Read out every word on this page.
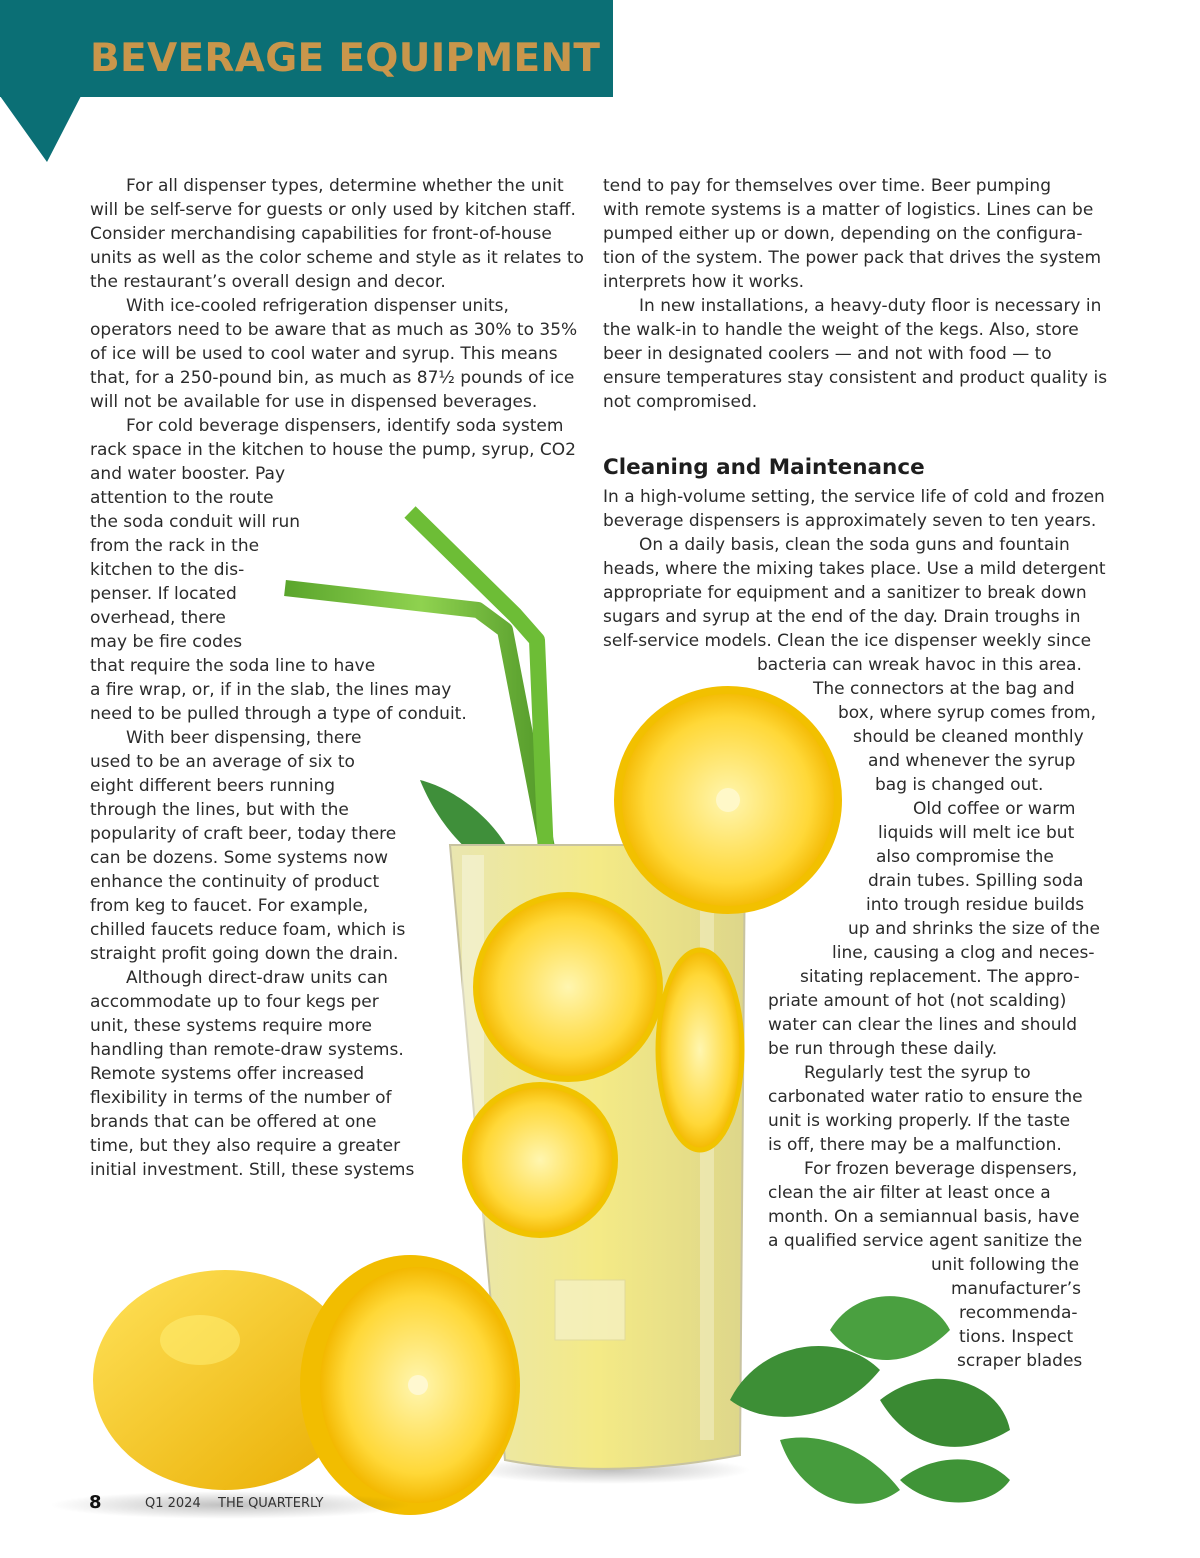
BEVERAGE EQUIPMENT

For all dispenser types, determine whether the unit

will be self-serve for guests or only used by kitchen staff.

Consider merchandising capabilities for front-of-house

units as well as the color scheme and style as it relates to

the restaurant’s overall design and decor.

With ice-cooled refrigeration dispenser units,

operators need to be aware that as much as 30% to 35%

of ice will be used to cool water and syrup. This means

that, for a 250-pound bin, as much as 87½ pounds of ice

will not be available for use in dispensed beverages.

For cold beverage dispensers, identify soda system

rack space in the kitchen to house the pump, syrup, CO2

and water booster. Pay

attention to the route

the soda conduit will run

from the rack in the

kitchen to the dis-

penser. If located

overhead, there

may be fire codes

that require the soda line to have

a fire wrap, or, if in the slab, the lines may

need to be pulled through a type of conduit.

With beer dispensing, there

used to be an average of six to

eight different beers running

through the lines, but with the

popularity of craft beer, today there

can be dozens. Some systems now

enhance the continuity of product

from keg to faucet. For example,

chilled faucets reduce foam, which is

straight profit going down the drain.

Although direct-draw units can

accommodate up to four kegs per

unit, these systems require more

handling than remote-draw systems.

Remote systems offer increased

flexibility in terms of the number of

brands that can be offered at one

time, but they also require a greater

initial investment. Still, these systems

tend to pay for themselves over time. Beer pumping

with remote systems is a matter of logistics. Lines can be

pumped either up or down, depending on the configura-

tion of the system. The power pack that drives the system

interprets how it works.

In new installations, a heavy-duty floor is necessary in

the walk-in to handle the weight of the kegs. Also, store

beer in designated coolers — and not with food — to

ensure temperatures stay consistent and product quality is

not compromised.

Cleaning and Maintenance

In a high-volume setting, the service life of cold and frozen

beverage dispensers is approximately seven to ten years.

On a daily basis, clean the soda guns and fountain

heads, where the mixing takes place. Use a mild detergent

appropriate for equipment and a sanitizer to break down

sugars and syrup at the end of the day. Drain troughs in

self-service models. Clean the ice dispenser weekly since

bacteria can wreak havoc in this area.

The connectors at the bag and

box, where syrup comes from,

should be cleaned monthly

and whenever the syrup

bag is changed out.

Old coffee or warm

liquids will melt ice but

also compromise the

drain tubes. Spilling soda

into trough residue builds

up and shrinks the size of the

line, causing a clog and neces-

sitating replacement. The appro-

priate amount of hot (not scalding)

water can clear the lines and should

be run through these daily.

Regularly test the syrup to

carbonated water ratio to ensure the

unit is working properly. If the taste

is off, there may be a malfunction.

For frozen beverage dispensers,

clean the air filter at least once a

month. On a semiannual basis, have

a qualified service agent sanitize the

unit following the

manufacturer’s

recommenda-

tions. Inspect

scraper blades

8	Q1 2024 THE QUARTERLY
